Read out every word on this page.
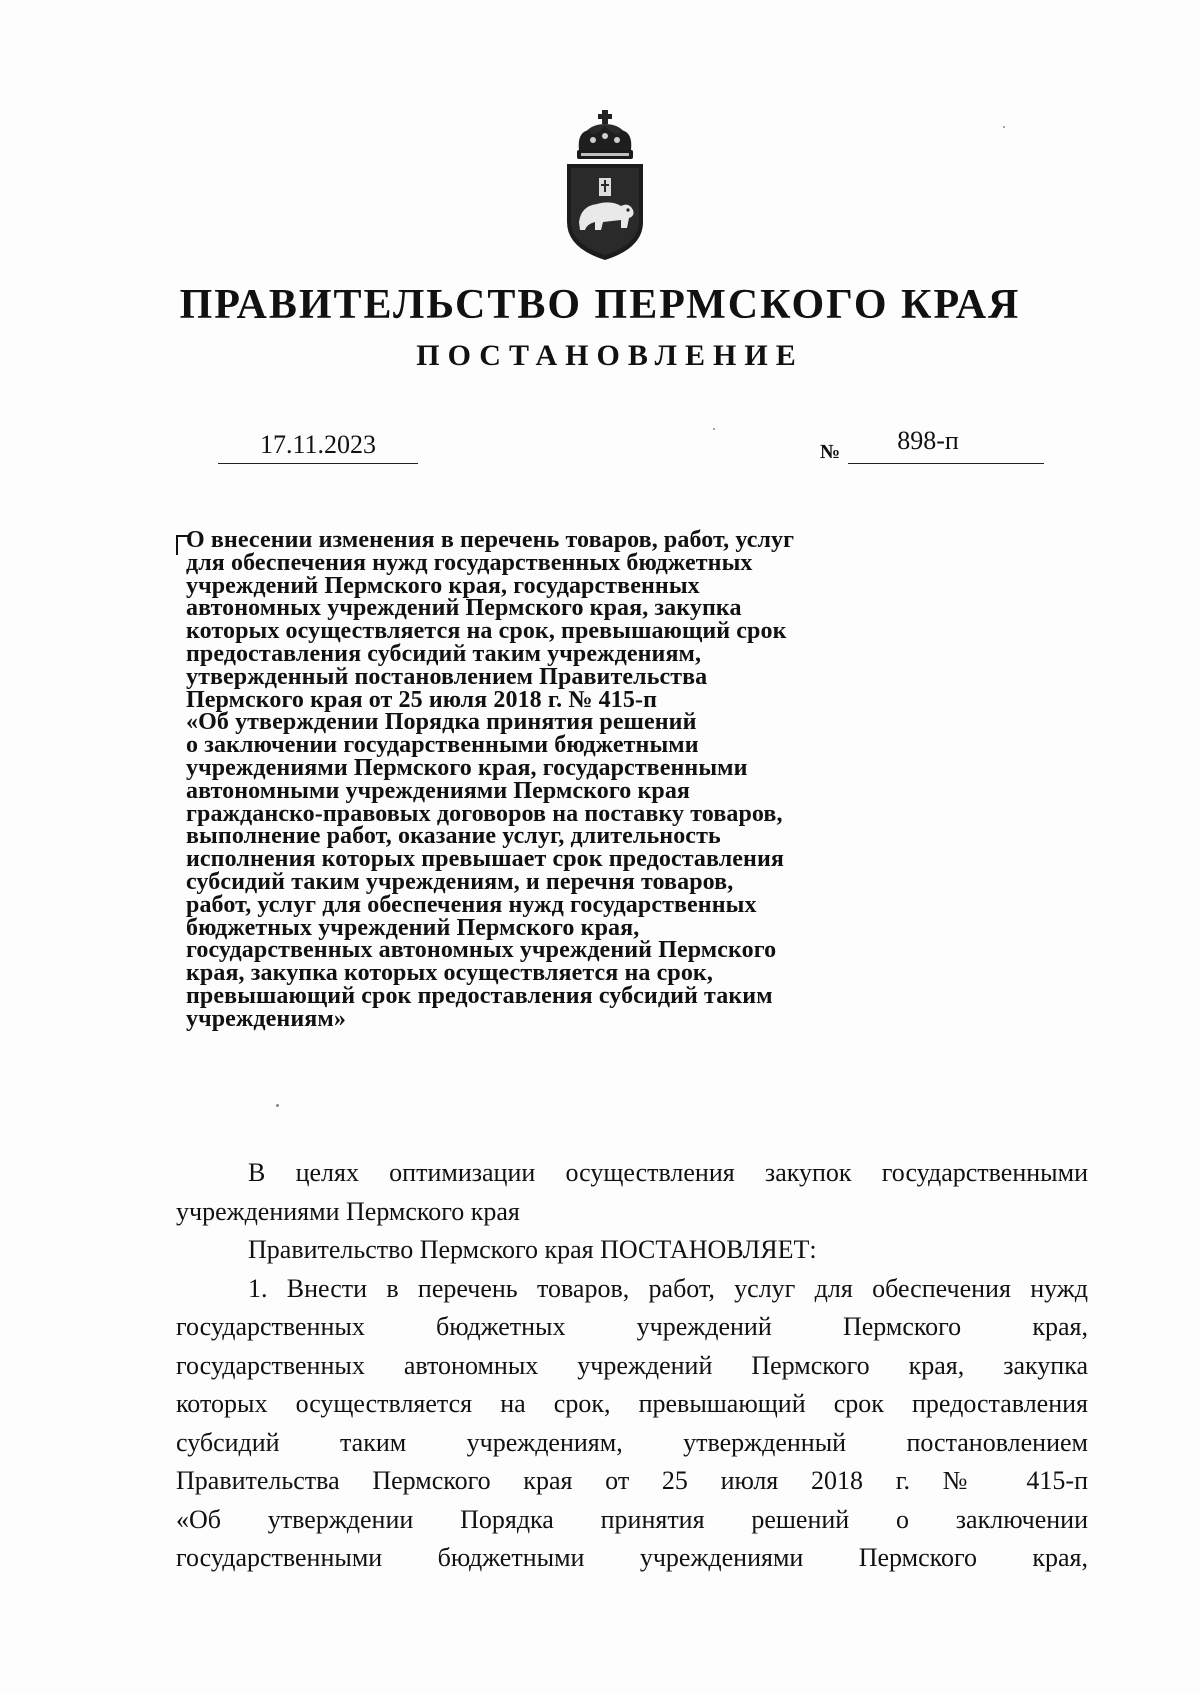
ПРАВИТЕЛЬСТВО ПЕРМСКОГО КРАЯ
ПОСТАНОВЛЕНИЕ
17.11.2023	№	898-п
О внесении изменения в перечень товаров, работ, услуг
для обеспечения нужд государственных бюджетных
учреждений Пермского края, государственных
автономных учреждений Пермского края, закупка
которых осуществляется на срок, превышающий срок
предоставления субсидий таким учреждениям,
утвержденный постановлением Правительства
Пермского края от 25 июля 2018 г. № 415-п
«Об утверждении Порядка принятия решений
о заключении государственными бюджетными
учреждениями Пермского края, государственными
автономными учреждениями Пермского края
гражданско-правовых договоров на поставку товаров,
выполнение работ, оказание услуг, длительность
исполнения которых превышает срок предоставления
субсидий таким учреждениям, и перечня товаров,
работ, услуг для обеспечения нужд государственных
бюджетных учреждений Пермского края,
государственных автономных учреждений Пермского
края, закупка которых осуществляется на срок,
превышающий срок предоставления субсидий таким
учреждениям»
В целях оптимизации осуществления закупок государственными
учреждениями Пермского края
Правительство Пермского края ПОСТАНОВЛЯЕТ:
1. Внести в перечень товаров, работ, услуг для обеспечения нужд
государственных бюджетных учреждений Пермского края,
государственных автономных учреждений Пермского края, закупка
которых осуществляется на срок, превышающий срок предоставления
субсидий таким учреждениям, утвержденный постановлением
Правительства Пермского края от 25 июля 2018 г. № 415-п
«Об утверждении Порядка принятия решений о заключении
государственными бюджетными учреждениями Пермского края,
